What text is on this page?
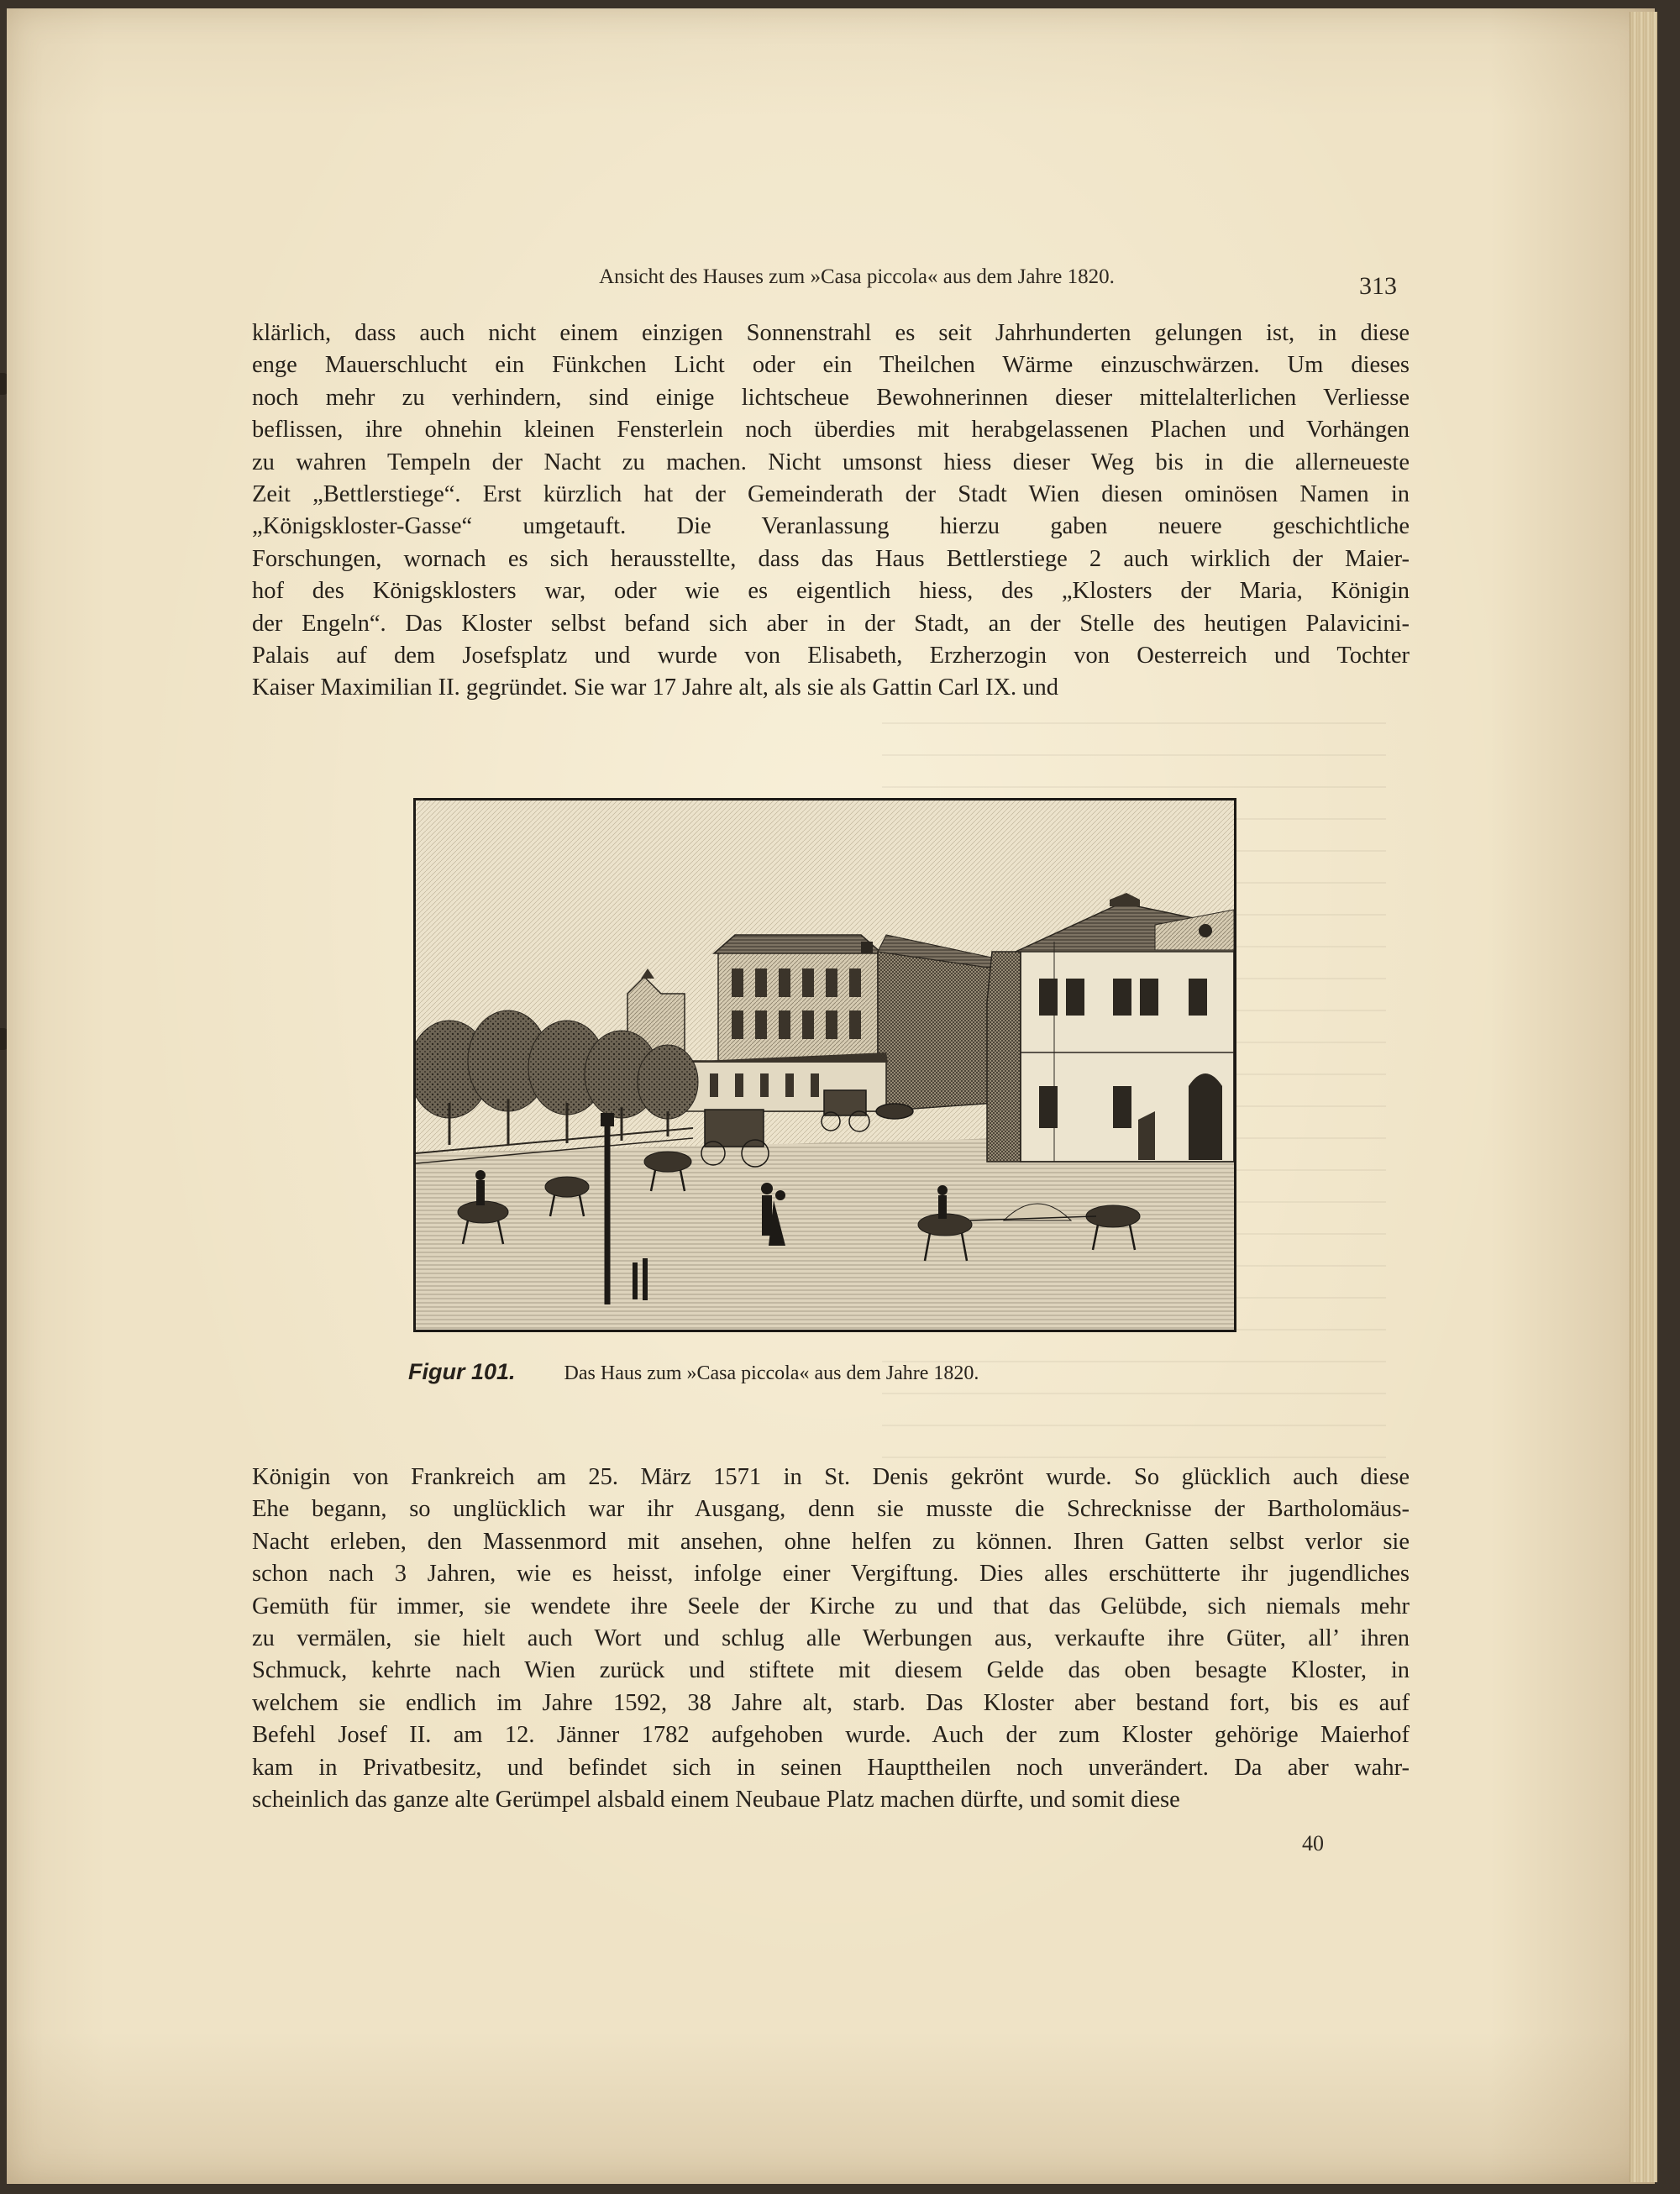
Ansicht des Hauses zum »Casa piccola« aus dem Jahre 1820.	313
klärlich, dass auch nicht einem einzigen Sonnenstrahl es seit Jahrhunderten gelungen ist, in diese
enge Mauerschlucht ein Fünkchen Licht oder ein Theilchen Wärme einzuschwärzen. Um dieses
noch mehr zu verhindern, sind einige lichtscheue Bewohnerinnen dieser mittelalterlichen Verliesse
beflissen, ihre ohnehin kleinen Fensterlein noch überdies mit herabgelassenen Plachen und Vorhängen
zu wahren Tempeln der Nacht zu machen. Nicht umsonst hiess dieser Weg bis in die allerneueste
Zeit „Bettlerstiege“. Erst kürzlich hat der Gemeinderath der Stadt Wien diesen ominösen Namen in
„Königskloster-Gasse“ umgetauft. Die Veranlassung hierzu gaben neuere geschichtliche
Forschungen, wornach es sich herausstellte, dass das Haus Bettlerstiege 2 auch wirklich der Maier-
hof des Königsklosters war, oder wie es eigentlich hiess, des „Klosters der Maria, Königin
der Engeln“. Das Kloster selbst befand sich aber in der Stadt, an der Stelle des heutigen Palavicini-
Palais auf dem Josefsplatz und wurde von Elisabeth, Erzherzogin von Oesterreich und Tochter
Kaiser Maximilian II. gegründet. Sie war 17 Jahre alt, als sie als Gattin Carl IX. und
Figur 101. Das Haus zum »Casa piccola« aus dem Jahre 1820.
Königin von Frankreich am 25. März 1571 in St. Denis gekrönt wurde. So glücklich auch diese
Ehe begann, so unglücklich war ihr Ausgang, denn sie musste die Schrecknisse der Bartholomäus-
Nacht erleben, den Massenmord mit ansehen, ohne helfen zu können. Ihren Gatten selbst verlor sie
schon nach 3 Jahren, wie es heisst, infolge einer Vergiftung. Dies alles erschütterte ihr jugendliches
Gemüth für immer, sie wendete ihre Seele der Kirche zu und that das Gelübde, sich niemals mehr
zu vermälen, sie hielt auch Wort und schlug alle Werbungen aus, verkaufte ihre Güter, all’ ihren
Schmuck, kehrte nach Wien zurück und stiftete mit diesem Gelde das oben besagte Kloster, in
welchem sie endlich im Jahre 1592, 38 Jahre alt, starb. Das Kloster aber bestand fort, bis es auf
Befehl Josef II. am 12. Jänner 1782 aufgehoben wurde. Auch der zum Kloster gehörige Maierhof
kam in Privatbesitz, und befindet sich in seinen Haupttheilen noch unverändert. Da aber wahr-
scheinlich das ganze alte Gerümpel alsbald einem Neubaue Platz machen dürfte, und somit diese
40
